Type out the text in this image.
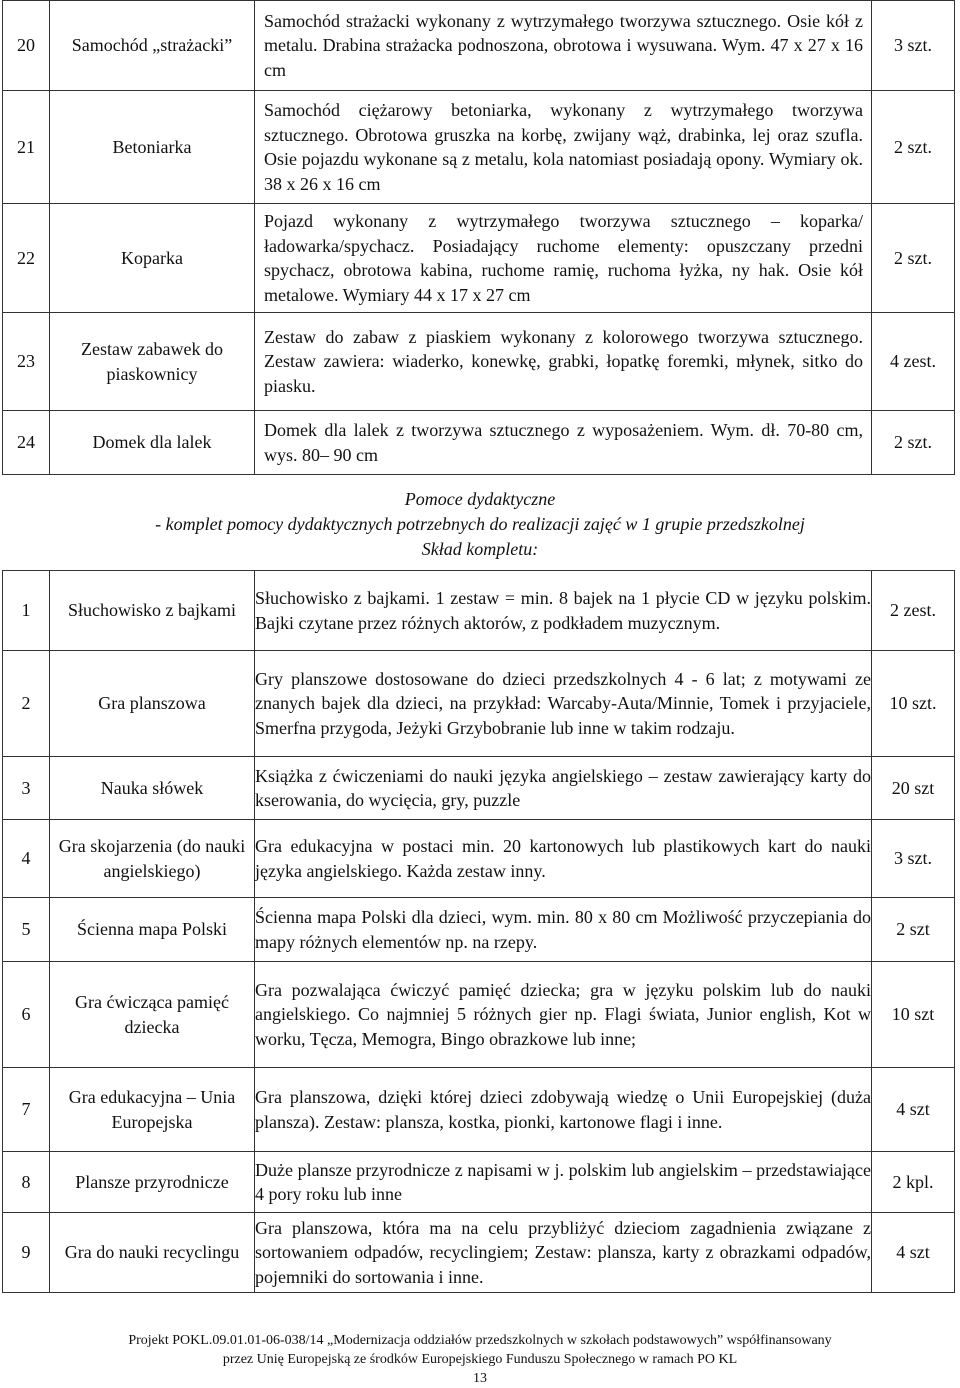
20	Samochód „strażacki”	Samochód strażacki wykonany z wytrzymałego tworzywa sztucznego. Osie kół z metalu. Drabina strażacka podnoszona, obrotowa i wysuwana. Wym. 47 x 27 x 16 cm	3 szt.
21	Betoniarka	Samochód ciężarowy betoniarka, wykonany z wytrzymałego tworzywa sztucznego. Obrotowa gruszka na korbę, zwijany wąż, drabinka, lej oraz szufla. Osie pojazdu wykonane są z metalu, kola natomiast posiadają opony. Wymiary ok. 38 x 26 x 16 cm	2 szt.
22	Koparka	Pojazd wykonany z wytrzymałego tworzywa sztucznego – koparka/ładowarka/spychacz. Posiadający ruchome elementy: opuszczany przedni spychacz, obrotowa kabina, ruchome ramię, ruchoma łyżka, ny hak. Osie kół metalowe. Wymiary 44 x 17 x 27 cm	2 szt.
23	Zestaw zabawek do piaskownicy	Zestaw do zabaw z piaskiem wykonany z kolorowego tworzywa sztucznego. Zestaw zawiera: wiaderko, konewkę, grabki, łopatkę foremki, młynek, sitko do piasku.	4 zest.
24	Domek dla lalek	Domek dla lalek z tworzywa sztucznego z wyposażeniem. Wym. dł. 70-80 cm, wys. 80– 90 cm	2 szt.
Pomoce dydaktyczne
- komplet pomocy dydaktycznych potrzebnych do realizacji zajęć w 1 grupie przedszkolnej
Skład kompletu:
1	Słuchowisko z bajkami	Słuchowisko z bajkami. 1 zestaw = min. 8 bajek na 1 płycie CD w języku polskim. Bajki czytane przez różnych aktorów, z podkładem muzycznym.	2 zest.
2	Gra planszowa	Gry planszowe dostosowane do dzieci przedszkolnych 4 - 6 lat; z motywami ze znanych bajek dla dzieci, na przykład: Warcaby-Auta/Minnie, Tomek i przyjaciele, Smerfna przygoda, Jeżyki Grzybobranie lub inne w takim rodzaju.	10 szt.
3	Nauka słówek	Książka z ćwiczeniami do nauki języka angielskiego – zestaw zawierający karty do kserowania, do wycięcia, gry, puzzle	20 szt
4	Gra skojarzenia (do nauki angielskiego)	Gra edukacyjna w postaci min. 20 kartonowych lub plastikowych kart do nauki języka angielskiego. Każda zestaw inny.	3 szt.
5	Ścienna mapa Polski	Ścienna mapa Polski dla dzieci, wym. min. 80 x 80 cm Możliwość przyczepiania do mapy różnych elementów np. na rzepy.	2 szt
6	Gra ćwicząca pamięć dziecka	Gra pozwalająca ćwiczyć pamięć dziecka; gra w języku polskim lub do nauki angielskiego. Co najmniej 5 różnych gier np. Flagi świata, Junior english, Kot w worku, Tęcza, Memogra, Bingo obrazkowe lub inne;	10 szt
7	Gra edukacyjna – Unia Europejska	Gra planszowa, dzięki której dzieci zdobywają wiedzę o Unii Europejskiej (duża plansza). Zestaw: plansza, kostka, pionki, kartonowe flagi i inne.	4 szt
8	Plansze przyrodnicze	Duże plansze przyrodnicze z napisami w j. polskim lub angielskim – przedstawiające 4 pory roku lub inne	2 kpl.
9	Gra do nauki recyclingu	Gra planszowa, która ma na celu przybliżyć dzieciom zagadnienia związane z sortowaniem odpadów, recyclingiem; Zestaw: plansza, karty z obrazkami odpadów, pojemniki do sortowania i inne.	4 szt
Projekt POKL.09.01.01-06-038/14 „Modernizacja oddziałów przedszkolnych w szkołach podstawowych” współfinansowany
przez Unię Europejską ze środków Europejskiego Funduszu Społecznego w ramach PO KL
13
